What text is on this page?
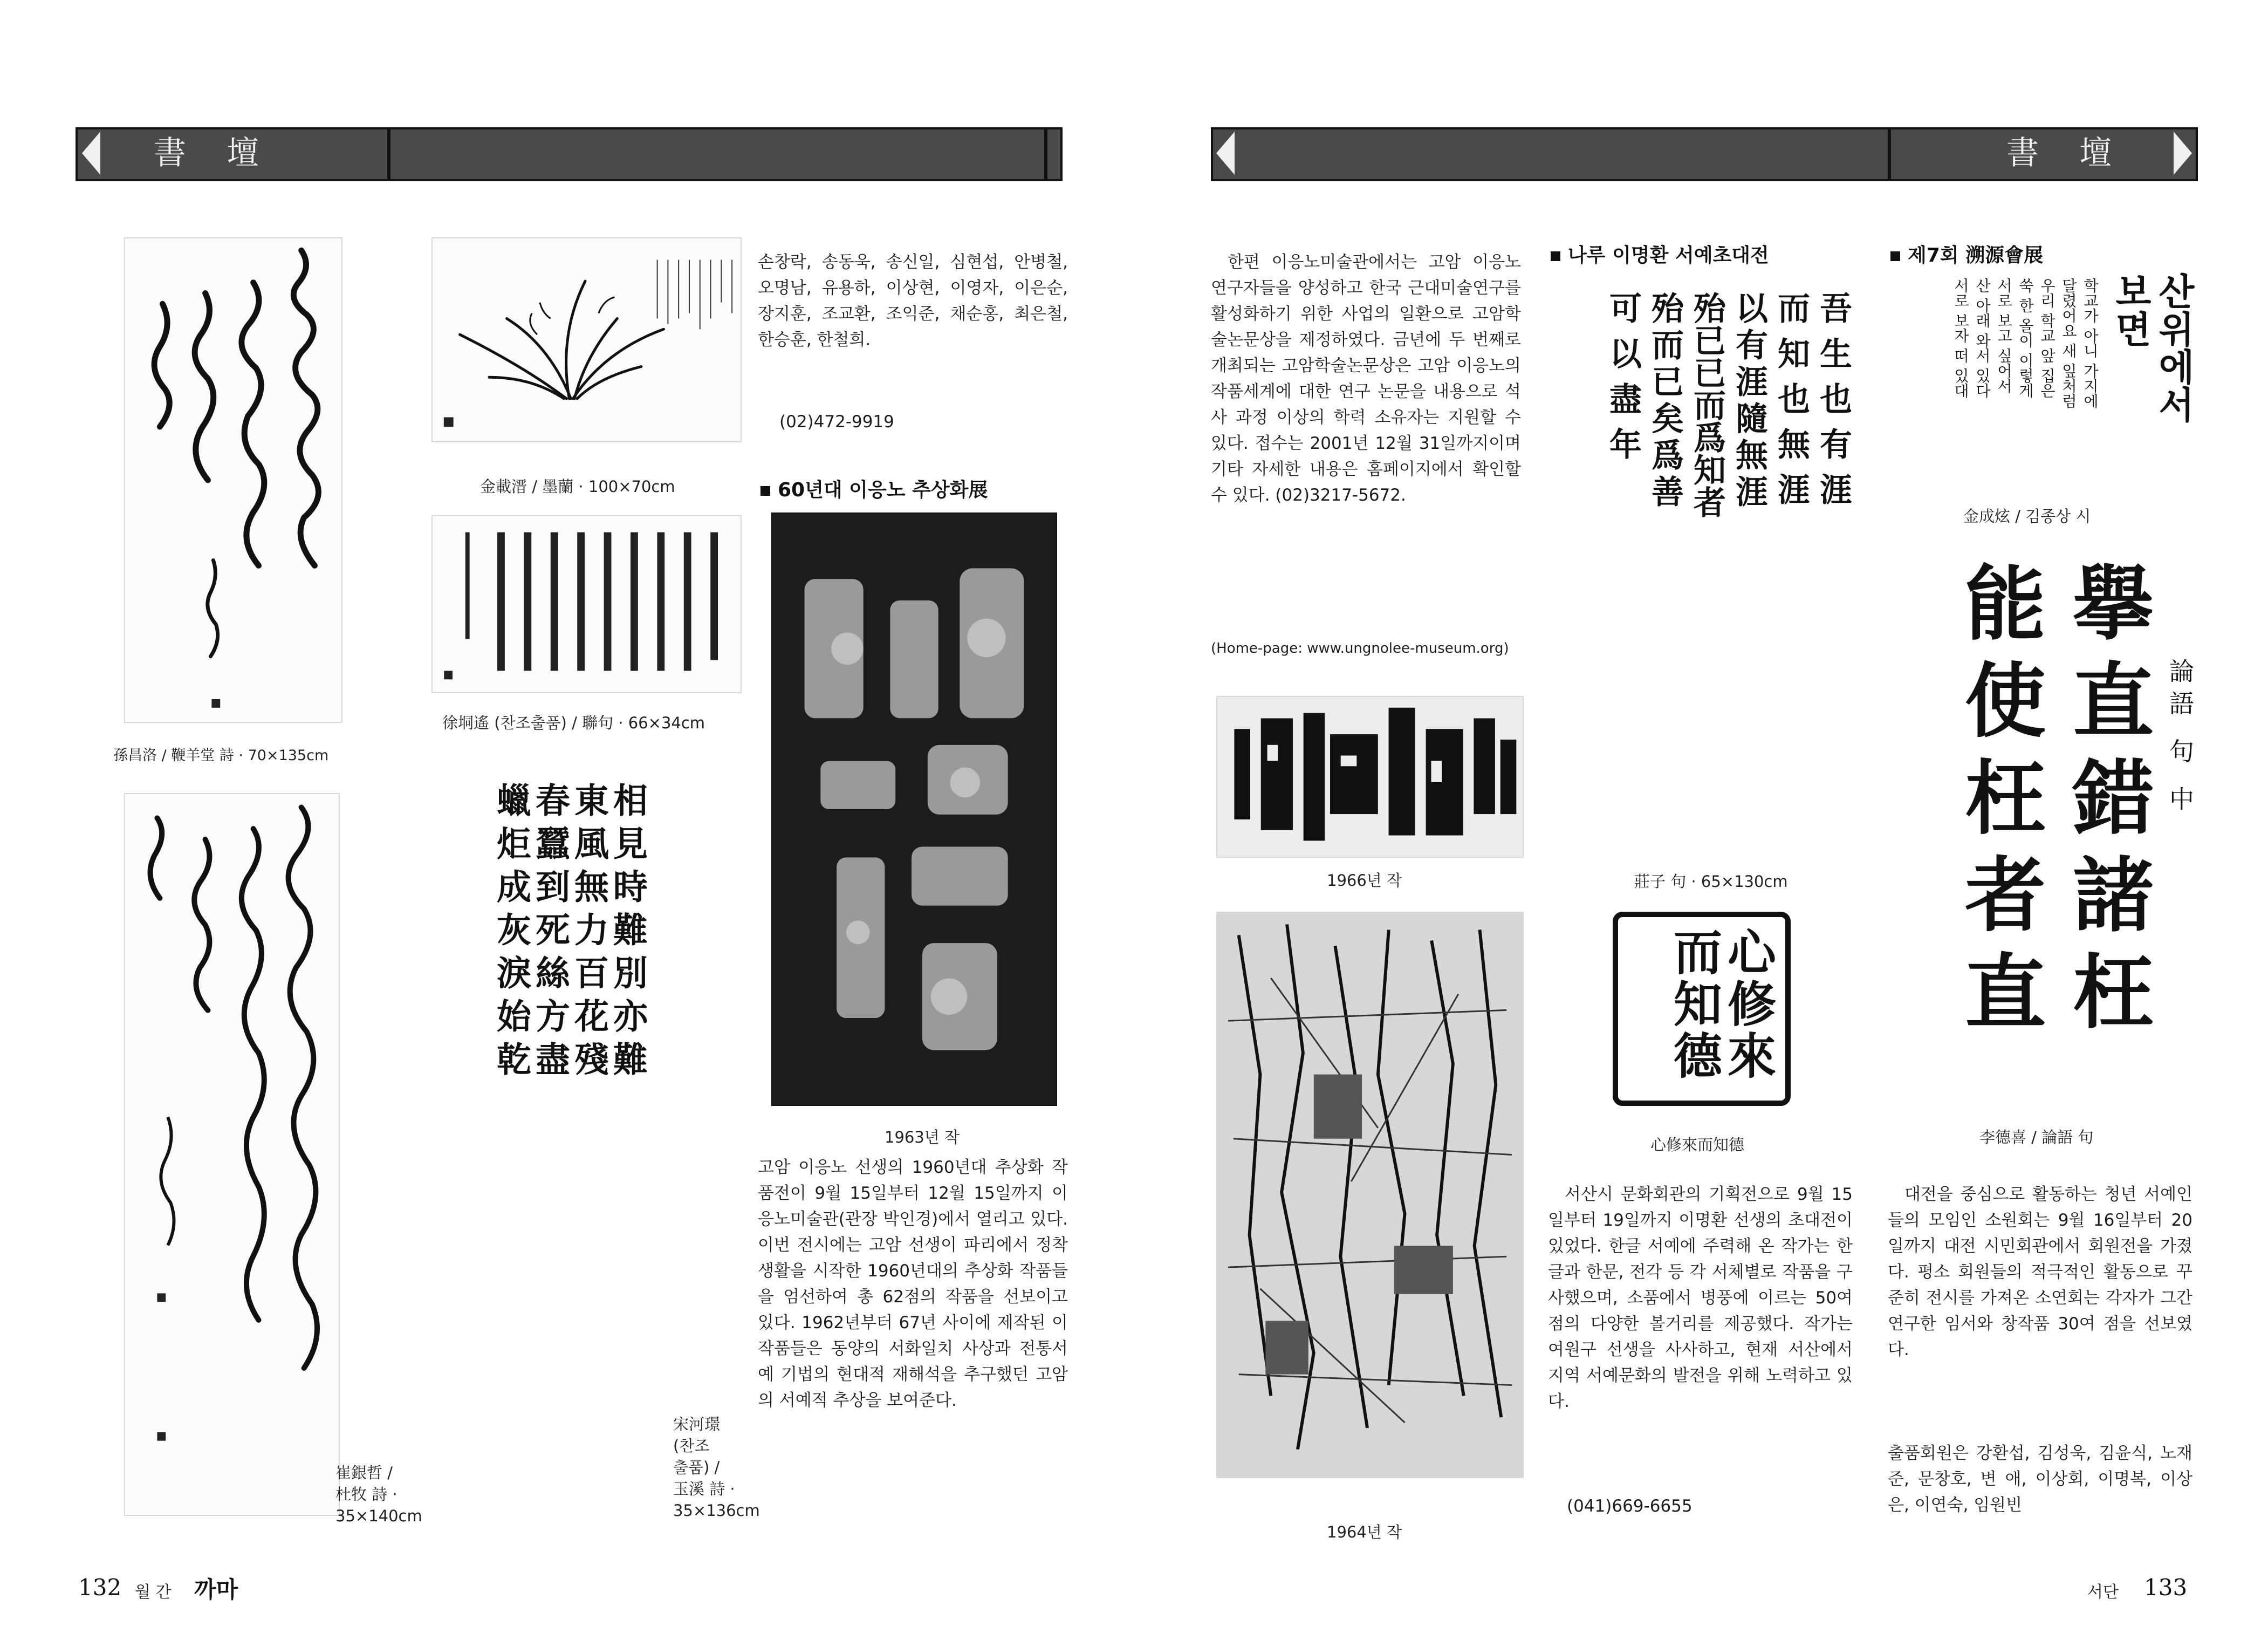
書 壇	書 壇
孫昌洛 / 鞭羊堂 詩 · 70×135cm
金載溍 / 墨蘭 · 100×70cm
徐垌遙 (찬조출품) / 聯句 · 66×34cm
崔銀哲 /
杜牧 詩 ·
35×140cm
相見時難別亦難
東風無力百花殘
春蠶到死絲方盡
蠟炬成灰淚始乾
宋河璟
(찬조
출품) /
玉溪 詩 ·
35×136cm

손창락, 송동욱, 송신일, 심현섭, 안병철, 오명남, 유용하, 이상현, 이영자, 이은순, 장지훈, 조교환, 조익준, 채순홍, 최은철, 한승훈, 한철희.

(02)472-9919
60년대 이응노 추상화展
1963년 작

고암 이응노 선생의 1960년대 추상화 작품전이 9월 15일부터 12월 15일까지 이응노미술관(관장 박인경)에서 열리고 있다. 이번 전시에는 고암 선생이 파리에서 정착 생활을 시작한 1960년대의 추상화 작품들을 엄선하여 총 62점의 작품을 선보이고 있다. 1962년부터 67년 사이에 제작된 이 작품들은 동양의 서화일치 사상과 전통서예 기법의 현대적 재해석을 추구했던 고암의 서예적 추상을 보여준다.

132 월 간 까마

한편 이응노미술관에서는 고암 이응노 연구자들을 양성하고 한국 근대미술연구를 활성화하기 위한 사업의 일환으로 고암학술논문상을 제정하였다. 금년에 두 번째로 개최되는 고암학술논문상은 고암 이응노의 작품세계에 대한 연구 논문을 내용으로 석사 과정 이상의 학력 소유자는 지원할 수 있다. 접수는 2001년 12월 31일까지이며 기타 자세한 내용은 홈페이지에서 확인할 수 있다. (02)3217-5672.

(Home-page: www.ungnolee-museum.org)
1966년 작
1964년 작
나루 이명환 서예초대전
吾生也有涯
而知也無涯
以有涯隨無涯
殆已已而爲知者
殆而已矣爲善
可以盡年
莊子 句 · 65×130cm
心修來而知德
心修來而知德

서산시 문화회관의 기획전으로 9월 15일부터 19일까지 이명환 선생의 초대전이 있었다. 한글 서예에 주력해 온 작가는 한글과 한문, 전각 등 각 서체별로 작품을 구사했으며, 소품에서 병풍에 이르는 50여점의 다양한 볼거리를 제공했다. 작가는 여원구 선생을 사사하고, 현재 서산에서 지역 서예문화의 발전을 위해 노력하고 있다.

(041)669-6655
제7회 溯源會展
산위에서 보면
학교가 아니 가지에
달렸어요 새 잎처럼
우리 학교 앞 집은
쑥 한 올이 이렇게
서로 보고 싶어서
산 아래 와서 있다
서로 보자 떠 있대
金成炫 / 김종상 시
論語 句 中
擧直錯諸枉
能使枉者直
李德喜 / 論語 句

대전을 중심으로 활동하는 청년 서예인들의 모임인 소원회는 9월 16일부터 20일까지 대전 시민회관에서 회원전을 가졌다. 평소 회원들의 적극적인 활동으로 꾸준히 전시를 가져온 소연회는 각자가 그간 연구한 임서와 창작품 30여 점을 선보였다.

출품회원은 강환섭, 김성욱, 김윤식, 노재준, 문창호, 변 애, 이상회, 이명복, 이상은, 이연숙, 임원빈

서단 133
